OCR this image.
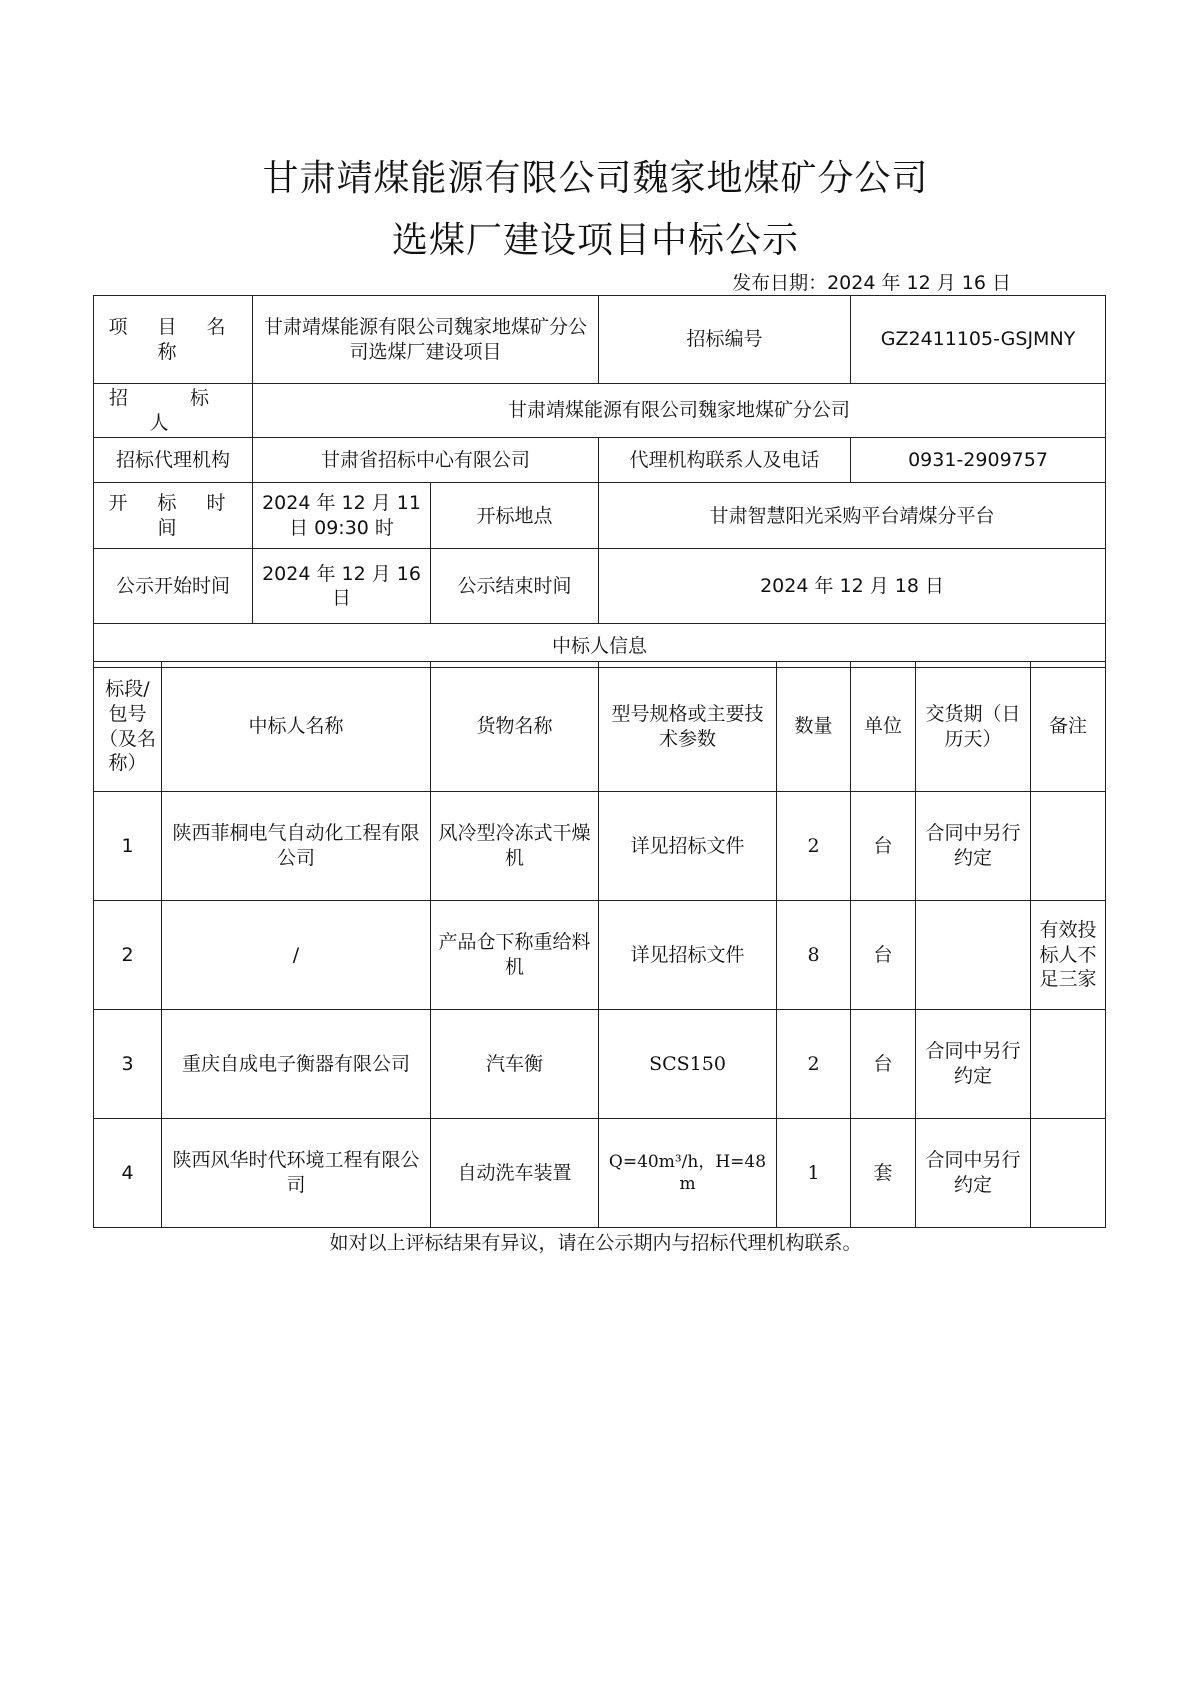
甘肃靖煤能源有限公司魏家地煤矿分公司
选煤厂建设项目中标公示
发布日期：2024 年 12 月 16 日
项 目 名 称	甘肃靖煤能源有限公司魏家地煤矿分公司选煤厂建设项目		招标编号	GZ2411105-GSJMNY
招 标 人	甘肃靖煤能源有限公司魏家地煤矿分公司			
招标代理机构	甘肃省招标中心有限公司		代理机构联系人及电话	0931-2909757
开 标 时 间	2024 年 12 月 11 日 09:30 时	开标地点	甘肃智慧阳光采购平台靖煤分平台	
公示开始时间	2024 年 12 月 16 日	公示结束时间	2024 年 12 月 18 日	
中标人信息				
标段/包号（及名称）	中标人名称	货物名称	型号规格或主要技术参数	数量	单位	交货期（日历天）	备注
1	陕西菲桐电气自动化工程有限公司	风冷型冷冻式干燥机	详见招标文件	2	台	合同中另行约定	
2	/	产品仓下称重给料机	详见招标文件	8	台		有效投标人不足三家
3	重庆自成电子衡器有限公司	汽车衡	SCS150	2	台	合同中另行约定	
4	陕西风华时代环境工程有限公司	自动洗车装置	Q=40m³/h，H=48m	1	套	合同中另行约定	
如对以上评标结果有异议，请在公示期内与招标代理机构联系。
